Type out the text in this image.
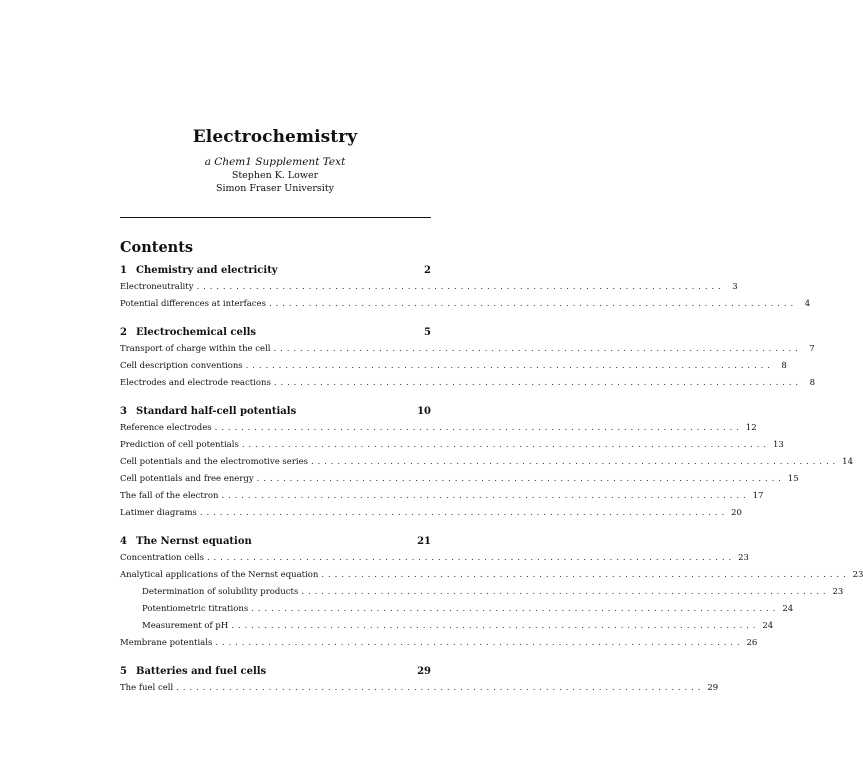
Electrochemistry
a Chem1 Supplement Text
Stephen K. Lower
Simon Fraser University
Contents
1 Chemistry and electricity	2
Electroneutrality ................................................................................ 3
Potential differences at interfaces ................................................................................ 4
2 Electrochemical cells	5
Transport of charge within the cell ................................................................................ 7
Cell description conventions ................................................................................ 8
Electrodes and electrode reactions ................................................................................ 8
3 Standard half-cell potentials	10
Reference electrodes ................................................................................ 12
Prediction of cell potentials ................................................................................ 13
Cell potentials and the electromotive series ................................................................................ 14
Cell potentials and free energy ................................................................................ 15
The fall of the electron ................................................................................ 17
Latimer diagrams ................................................................................ 20
4 The Nernst equation	21
Concentration cells ................................................................................ 23
Analytical applications of the Nernst equation ................................................................................ 23
Determination of solubility products ................................................................................ 23
Potentiometric titrations ................................................................................ 24
Measurement of pH ................................................................................ 24
Membrane potentials ................................................................................ 26
5 Batteries and fuel cells	29
The fuel cell ................................................................................ 29
